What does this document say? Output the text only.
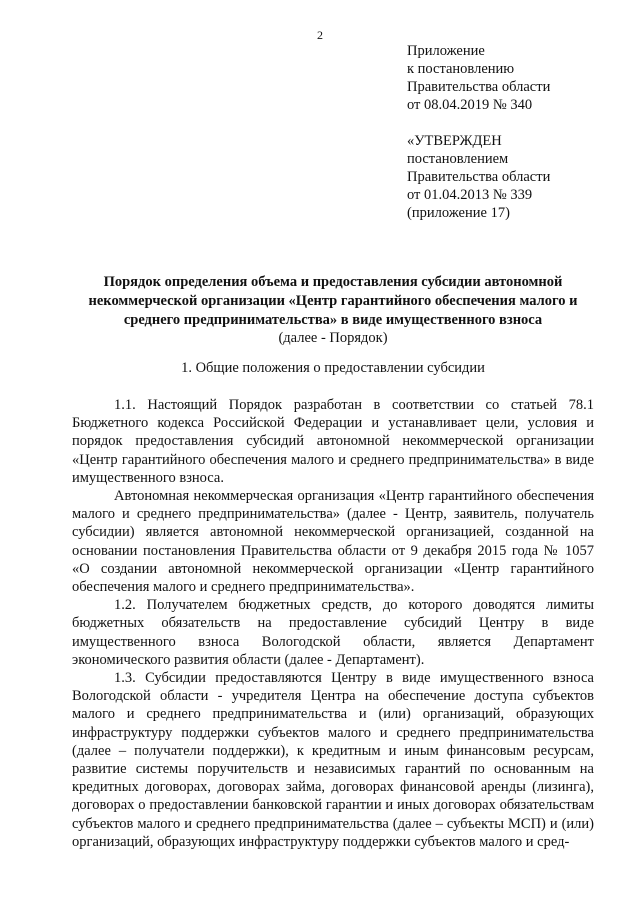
2
Приложение
к постановлению
Правительства области
от 08.04.2019 № 340
«УТВЕРЖДЕН
постановлением
Правительства области
от 01.04.2013 № 339
(приложение 17)
Порядок определения объема и предоставления субсидии автономной некоммерческой организации «Центр гарантийного обеспечения малого и среднего предпринимательства» в виде имущественного взноса
(далее - Порядок)
1. Общие положения о предоставлении субсидии

1.1. Настоящий Порядок разработан в соответствии со статьей 78.1 Бюджетного кодекса Российской Федерации и устанавливает цели, условия и порядок предоставления субсидий автономной некоммерческой организации «Центр гарантийного обеспечения малого и среднего предпринимательства» в виде имущественного взноса.

Автономная некоммерческая организация «Центр гарантийного обеспечения малого и среднего предпринимательства» (далее - Центр, заявитель, получатель субсидии) является автономной некоммерческой организацией, созданной на основании постановления Правительства области от 9 декабря 2015 года № 1057 «О создании автономной некоммерческой организации «Центр гарантийного обеспечения малого и среднего предпринимательства».

1.2. Получателем бюджетных средств, до которого доводятся лимиты бюджетных обязательств на предоставление субсидий Центру в виде имущественного взноса Вологодской области, является Департамент экономического развития области (далее - Департамент).

1.3. Субсидии предоставляются Центру в виде имущественного взноса Вологодской области - учредителя Центра на обеспечение доступа субъектов малого и среднего предпринимательства и (или) организаций, образующих инфраструктуру поддержки субъектов малого и среднего предпринимательства (далее – получатели поддержки), к кредитным и иным финансовым ресурсам, развитие системы поручительств и независимых гарантий по основанным на кредитных договорах, договорах займа, договорах финансовой аренды (лизинга), договорах о предоставлении банковской гарантии и иных договорах обязательствам субъектов малого и среднего предпринимательства (далее – субъекты МСП) и (или) организаций, образующих инфраструктуру поддержки субъектов малого и сред-
